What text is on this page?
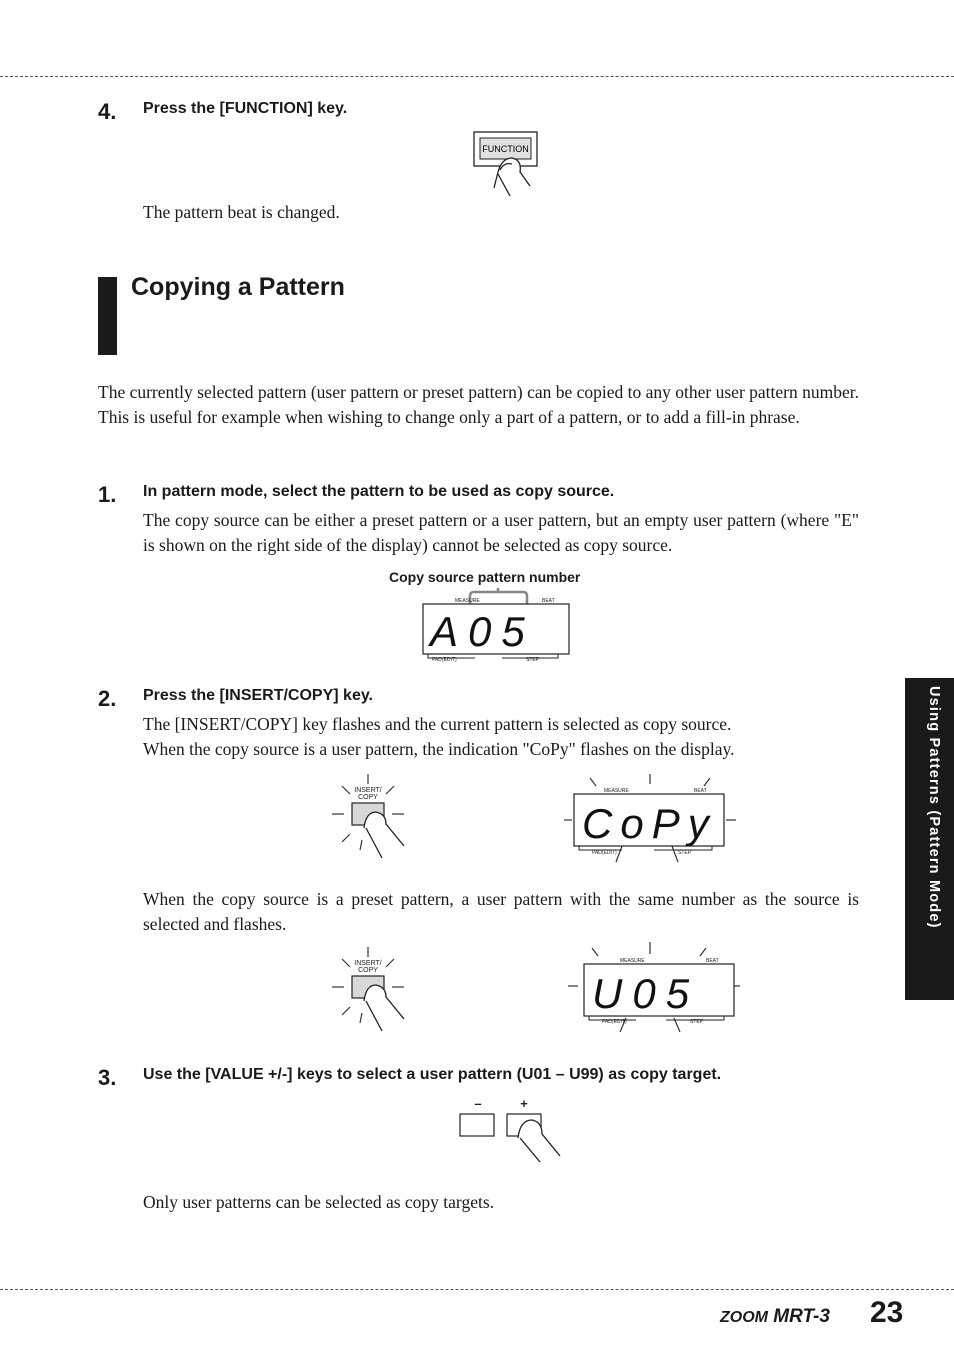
4. Press the [FUNCTION] key.
FUNCTION
The pattern beat is changed.
Copying a Pattern
The currently selected pattern (user pattern or preset pattern) can be copied to any other user pattern number. This is useful for example when wishing to change only a part of a pattern, or to add a fill-in phrase.
1. In pattern mode, select the pattern to be used as copy source.
The copy source can be either a preset pattern or a user pattern, but an empty user pattern (where "E" is shown on the right side of the display) cannot be selected as copy source.
Copy source pattern number
MEASURE	BEAT
PAD(EDIT)	STEP
A05
2. Press the [INSERT/COPY] key.
The [INSERT/COPY] key flashes and the current pattern is selected as copy source.
When the copy source is a user pattern, the indication "CoPy" flashes on the display.
INSERT/
COPY
MEASURE	BEAT
PAD(EDIT)	STEP
CoPy
When the copy source is a preset pattern, a user pattern with the same number as the source is selected and flashes.
INSERT/
COPY
MEASURE	BEAT
PAD(EDIT)	STEP
U05
3. Use the [VALUE +/-] keys to select a user pattern (U01 – U99) as copy target.
–	+
Only user patterns can be selected as copy targets.
Using Patterns (Pattern Mode)
ZOOM MRT-3 23
